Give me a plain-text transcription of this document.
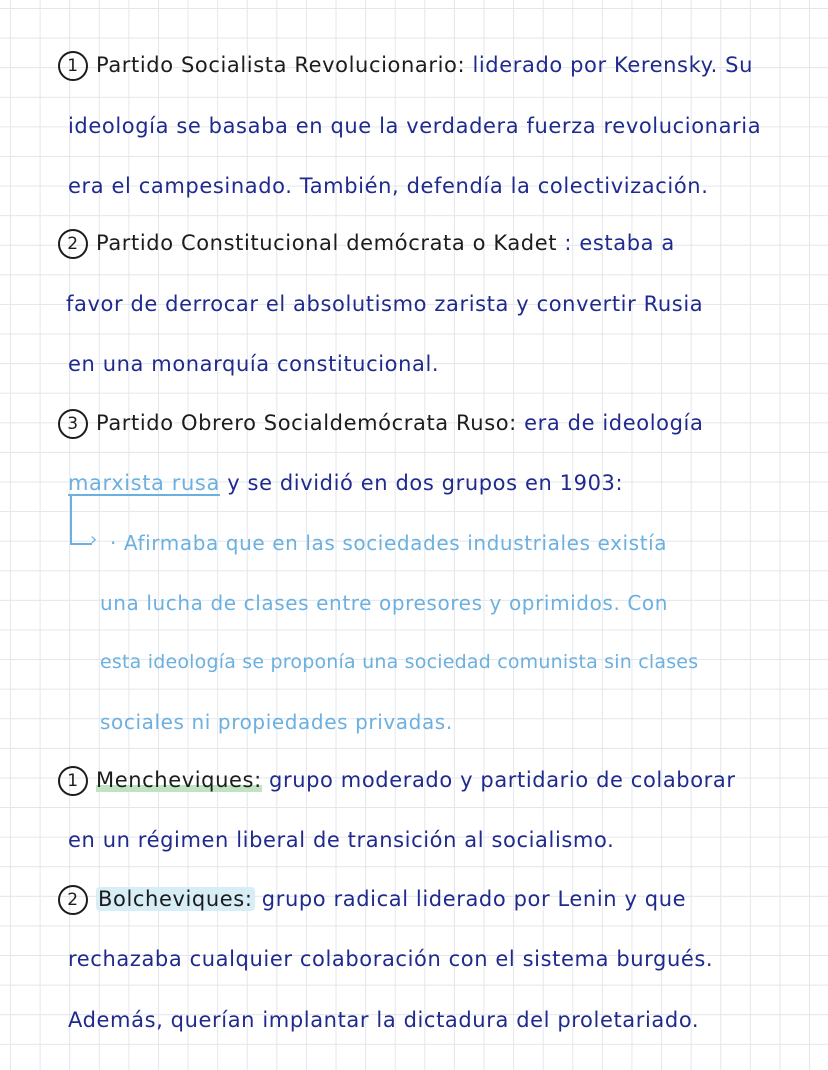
1 Partido Socialista Revolucionario: liderado por Kerensky. Su
ideología se basaba en que la verdadera fuerza revolucionaria
era el campesinado. También, defendía la colectivización.
2 Partido Constitucional demócrata o Kadet : estaba a
favor de derrocar el absolutismo zarista y convertir Rusia
en una monarquía constitucional.
3 Partido Obrero Socialdemócrata Ruso: era de ideología
marxista rusa y se dividió en dos grupos en 1903:
› · Afirmaba que en las sociedades industriales existía
una lucha de clases entre opresores y oprimidos. Con
esta ideología se proponía una sociedad comunista sin clases
sociales ni propiedades privadas.
1 Mencheviques: grupo moderado y partidario de colaborar
en un régimen liberal de transición al socialismo.
2 Bolcheviques: grupo radical liderado por Lenin y que
rechazaba cualquier colaboración con el sistema burgués.
Además, querían implantar la dictadura del proletariado.
